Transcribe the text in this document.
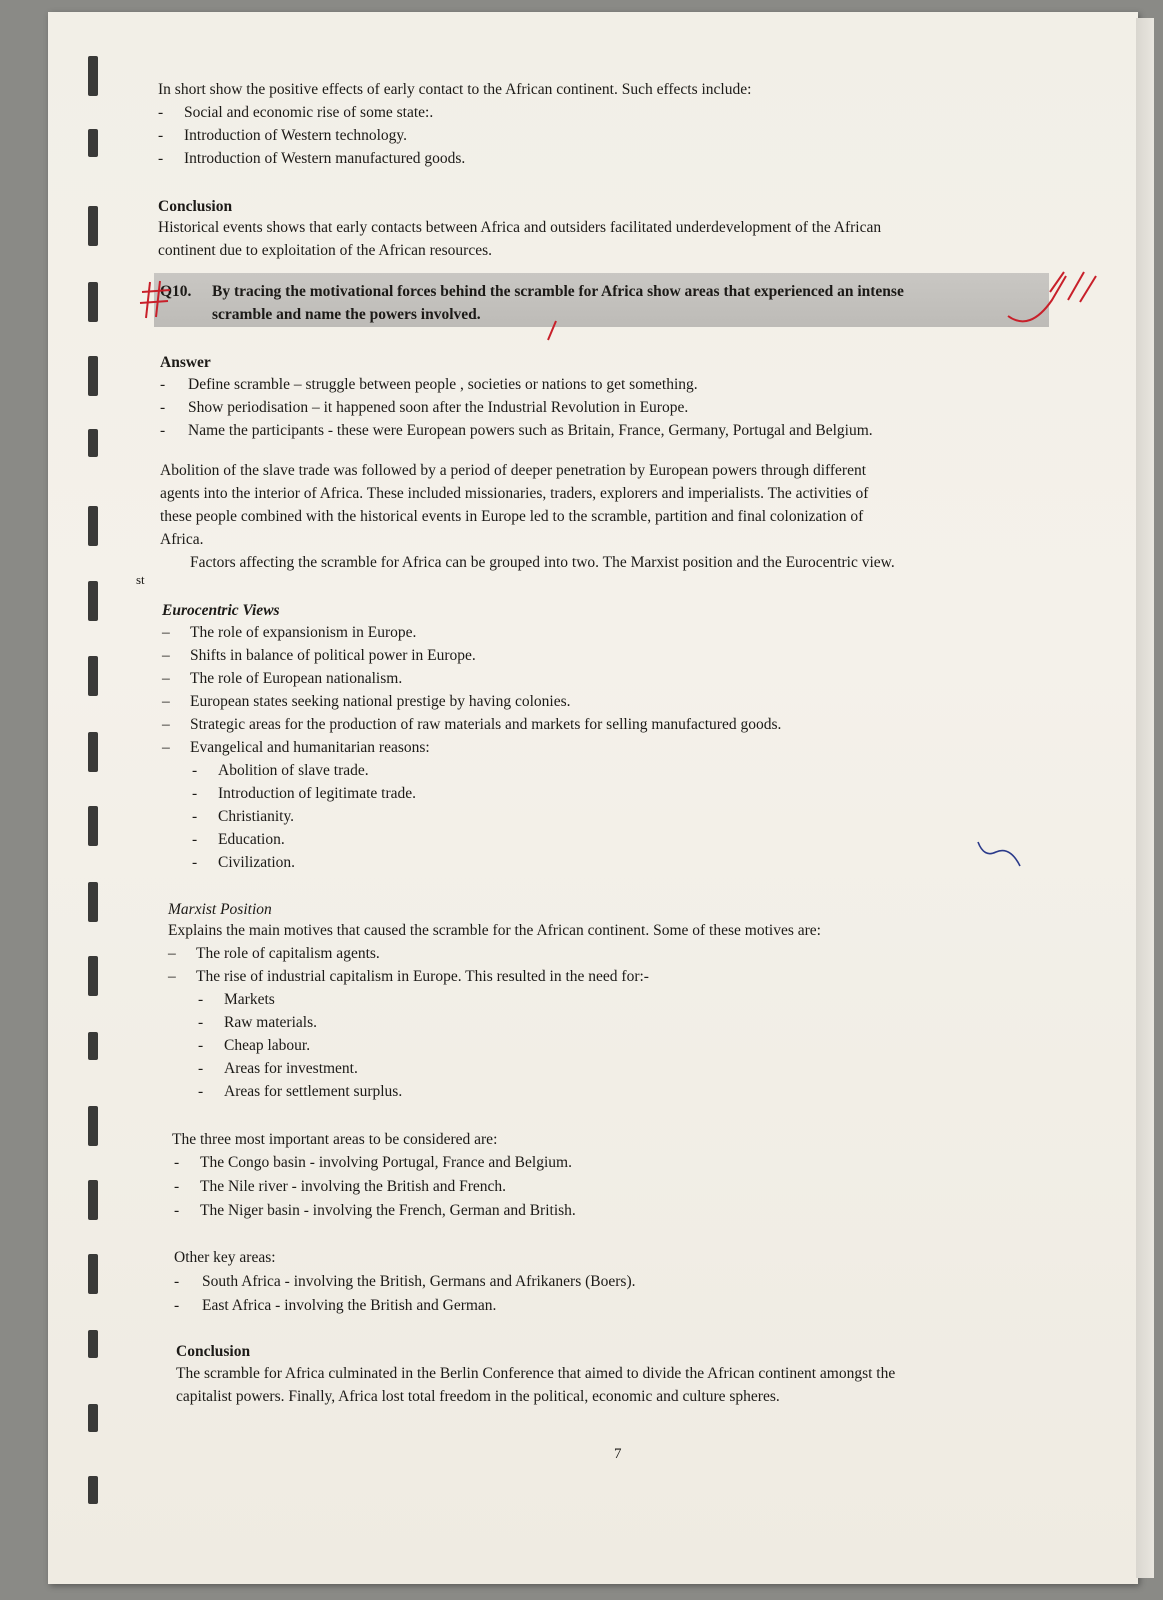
In short show the positive effects of early contact to the African continent. Such effects include:
- Social and economic rise of some state:.
- Introduction of Western technology.
- Introduction of Western manufactured goods.
Conclusion
Historical events shows that early contacts between Africa and outsiders facilitated underdevelopment of the African
continent due to exploitation of the African resources.
Q10. By tracing the motivational forces behind the scramble for Africa show areas that experienced an intense
scramble and name the powers involved.
Answer
- Define scramble – struggle between people , societies or nations to get something.
- Show periodisation – it happened soon after the Industrial Revolution in Europe.
- Name the participants - these were European powers such as Britain, France, Germany, Portugal and Belgium.
Abolition of the slave trade was followed by a period of deeper penetration by European powers through different
agents into the interior of Africa. These included missionaries, traders, explorers and imperialists. The activities of
these people combined with the historical events in Europe led to the scramble, partition and final colonization of
Africa.
Factors affecting the scramble for Africa can be grouped into two. The Marxist position and the Eurocentric view.
st
Eurocentric Views
– The role of expansionism in Europe.
– Shifts in balance of political power in Europe.
– The role of European nationalism.
– European states seeking national prestige by having colonies.
– Strategic areas for the production of raw materials and markets for selling manufactured goods.
– Evangelical and humanitarian reasons:
- Abolition of slave trade.
- Introduction of legitimate trade.
- Christianity.
- Education.
- Civilization.
Marxist Position
Explains the main motives that caused the scramble for the African continent. Some of these motives are:
– The role of capitalism agents.
– The rise of industrial capitalism in Europe. This resulted in the need for:-
- Markets
- Raw materials.
- Cheap labour.
- Areas for investment.
- Areas for settlement surplus.
The three most important areas to be considered are:
- The Congo basin - involving Portugal, France and Belgium.
- The Nile river - involving the British and French.
- The Niger basin - involving the French, German and British.
Other key areas:
- South Africa - involving the British, Germans and Afrikaners (Boers).
- East Africa - involving the British and German.
Conclusion
The scramble for Africa culminated in the Berlin Conference that aimed to divide the African continent amongst the
capitalist powers. Finally, Africa lost total freedom in the political, economic and culture spheres.
7
